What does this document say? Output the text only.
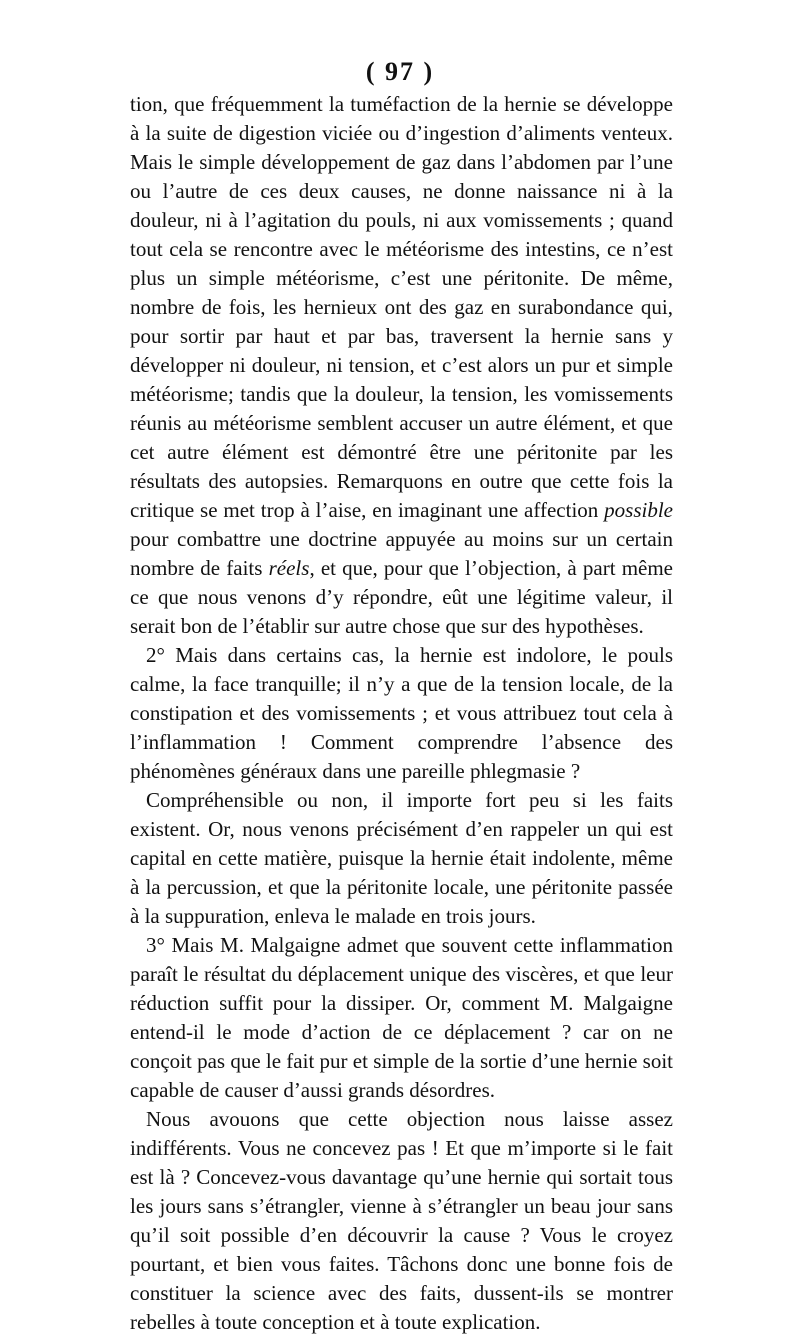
( 97 )

tion, que fréquemment la tuméfaction de la hernie se développe à la suite de digestion viciée ou d’ingestion d’aliments venteux. Mais le simple développement de gaz dans l’abdomen par l’une ou l’autre de ces deux causes, ne donne naissance ni à la douleur, ni à l’agitation du pouls, ni aux vomissements ; quand tout cela se rencontre avec le météorisme des intestins, ce n’est plus un simple météorisme, c’est une péritonite. De même, nombre de fois, les hernieux ont des gaz en surabondance qui, pour sortir par haut et par bas, traversent la hernie sans y développer ni douleur, ni tension, et c’est alors un pur et simple météorisme; tandis que la douleur, la tension, les vomissements réunis au météorisme semblent accuser un autre élément, et que cet autre élément est démontré être une péritonite par les résultats des autopsies. Remarquons en outre que cette fois la critique se met trop à l’aise, en imaginant une affection possible pour combattre une doctrine appuyée au moins sur un certain nombre de faits réels, et que, pour que l’objection, à part même ce que nous venons d’y répondre, eût une légitime valeur, il serait bon de l’établir sur autre chose que sur des hypothèses.

2° Mais dans certains cas, la hernie est indolore, le pouls calme, la face tranquille; il n’y a que de la tension locale, de la constipation et des vomissements ; et vous attribuez tout cela à l’inflammation ! Comment comprendre l’absence des phénomènes généraux dans une pareille phlegmasie ?

Compréhensible ou non, il importe fort peu si les faits existent. Or, nous venons précisément d’en rappeler un qui est capital en cette matière, puisque la hernie était indolente, même à la percussion, et que la péritonite locale, une péritonite passée à la suppuration, enleva le malade en trois jours.

3° Mais M. Malgaigne admet que souvent cette inflammation paraît le résultat du déplacement unique des viscères, et que leur réduction suffit pour la dissiper. Or, comment M. Malgaigne entend-il le mode d’action de ce déplacement ? car on ne conçoit pas que le fait pur et simple de la sortie d’une hernie soit capable de causer d’aussi grands désordres.

Nous avouons que cette objection nous laisse assez indifférents. Vous ne concevez pas ! Et que m’importe si le fait est là ? Concevez-vous davantage qu’une hernie qui sortait tous les jours sans s’étrangler, vienne à s’étrangler un beau jour sans qu’il soit possible d’en découvrir la cause ? Vous le croyez pourtant, et bien vous faites. Tâchons donc une bonne fois de constituer la science avec des faits, dussent-ils se montrer rebelles à toute conception et à toute explication.
